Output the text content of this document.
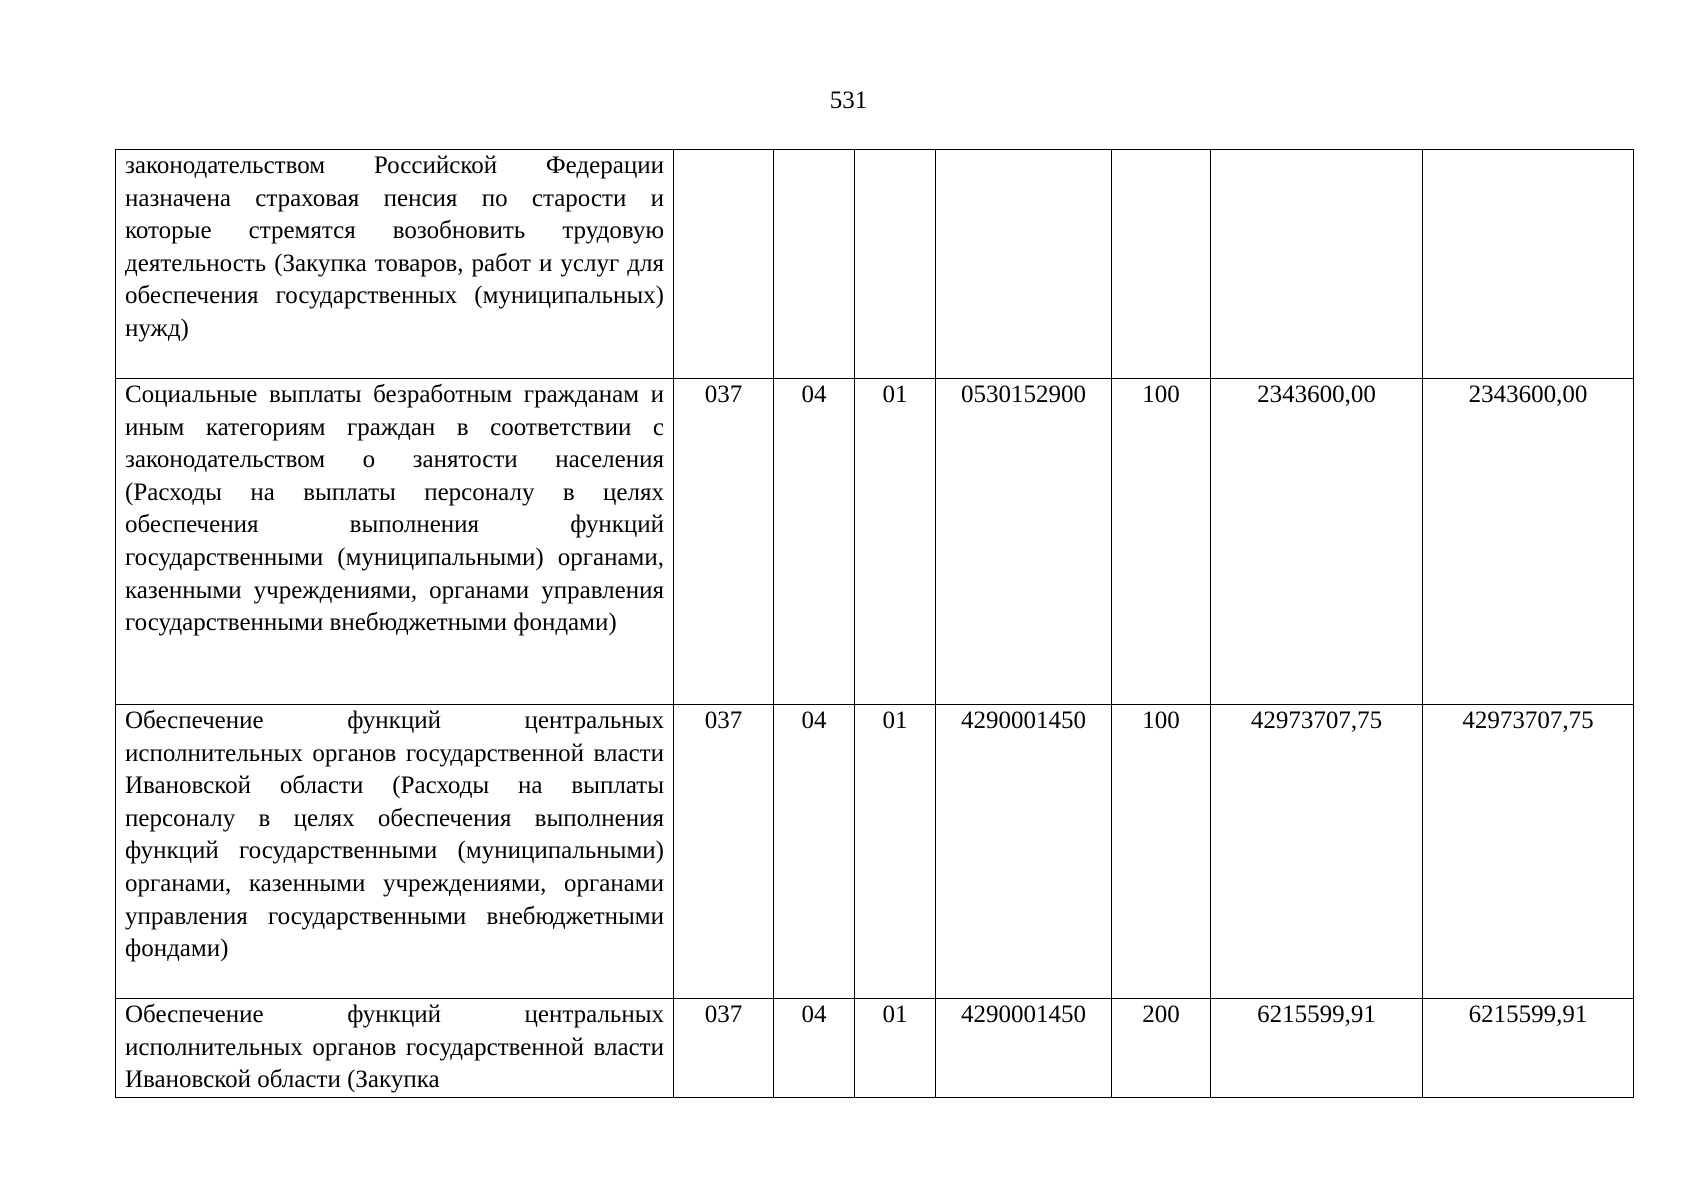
531
законодательством Российской Федерации назначена страховая пенсия по старости и которые стремятся возобновить трудовую деятельность (Закупка товаров, работ и услуг для обеспечения государственных (муниципальных) нужд)							

Социальные выплаты безработным гражданам и иным категориям граждан в соответствии с законодательством о занятости населения (Расходы на выплаты персоналу в целях обеспечения выполнения функций государственными (муниципальными) органами, казенными учреждениями, органами управления государственными внебюджетными фондами)	037	04	01	0530152900	100	2343600,00	2343600,00

Обеспечение функций центральных исполнительных органов государственной власти Ивановской области (Расходы на выплаты персоналу в целях обеспечения выполнения функций государственными (муниципальными) органами, казенными учреждениями, органами управления государственными внебюджетными фондами)	037	04	01	4290001450	100	42973707,75	42973707,75

Обеспечение функций центральных исполнительных органов государственной власти Ивановской области (Закупка	037	04	01	4290001450	200	6215599,91	6215599,91
